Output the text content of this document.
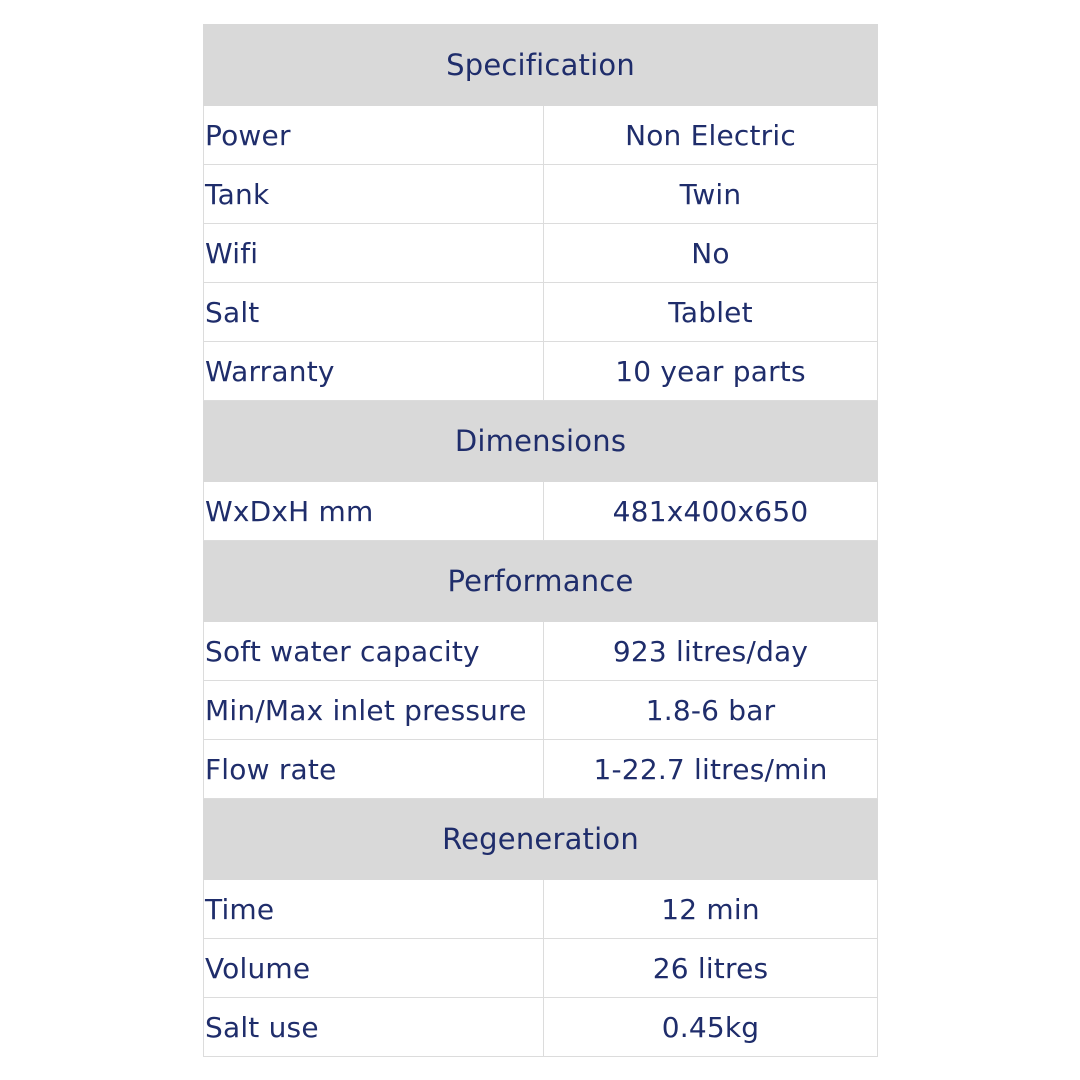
Specification	
Power	Non Electric
Tank	Twin
Wifi	No
Salt	Tablet
Warranty	10 year parts
Dimensions	
WxDxH mm	481x400x650
Performance	
Soft water capacity	923 litres/day
Min/Max inlet pressure	1.8-6 bar
Flow rate	1-22.7 litres/min
Regeneration	
Time	12 min
Volume	26 litres
Salt use	0.45kg
